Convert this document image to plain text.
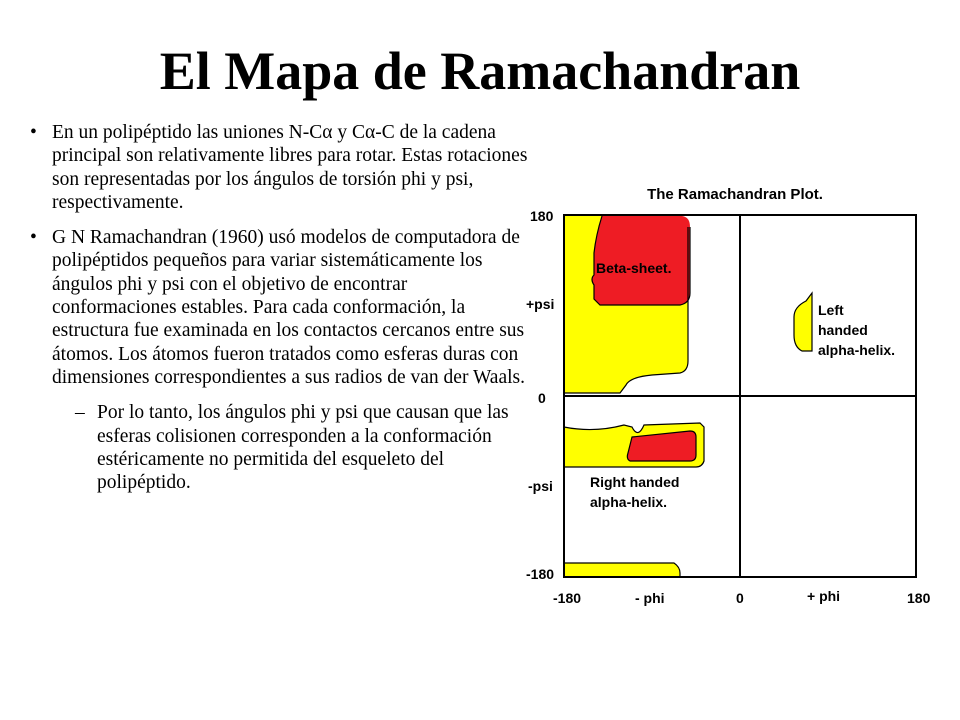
El Mapa de Ramachandran
• En un polipéptido las uniones N-Cα y Cα-C de la cadena principal son relativamente libres para rotar. Estas rotaciones son representadas por los ángulos de torsión phi y psi, respectivamente.
• G N Ramachandran (1960) usó modelos de computadora de polipéptidos pequeños para variar sistemáticamente los ángulos phi y psi con el objetivo de encontrar conformaciones estables. Para cada conformación, la estructura fue examinada en los contactos cercanos entre sus átomos. Los átomos fueron tratados como esferas duras con dimensiones correspondientes a sus radios de van der Waals.
– Por lo tanto, los ángulos phi y psi que causan que las esferas colisionen corresponden a la conformación estéricamente no permitida del esqueleto del polipéptido.
The Ramachandran Plot.
180
+psi
0
-psi
-180
-180	- phi	0	+ phi	180
Beta-sheet.
Left
handed
alpha-helix.
Right handed
alpha-helix.
